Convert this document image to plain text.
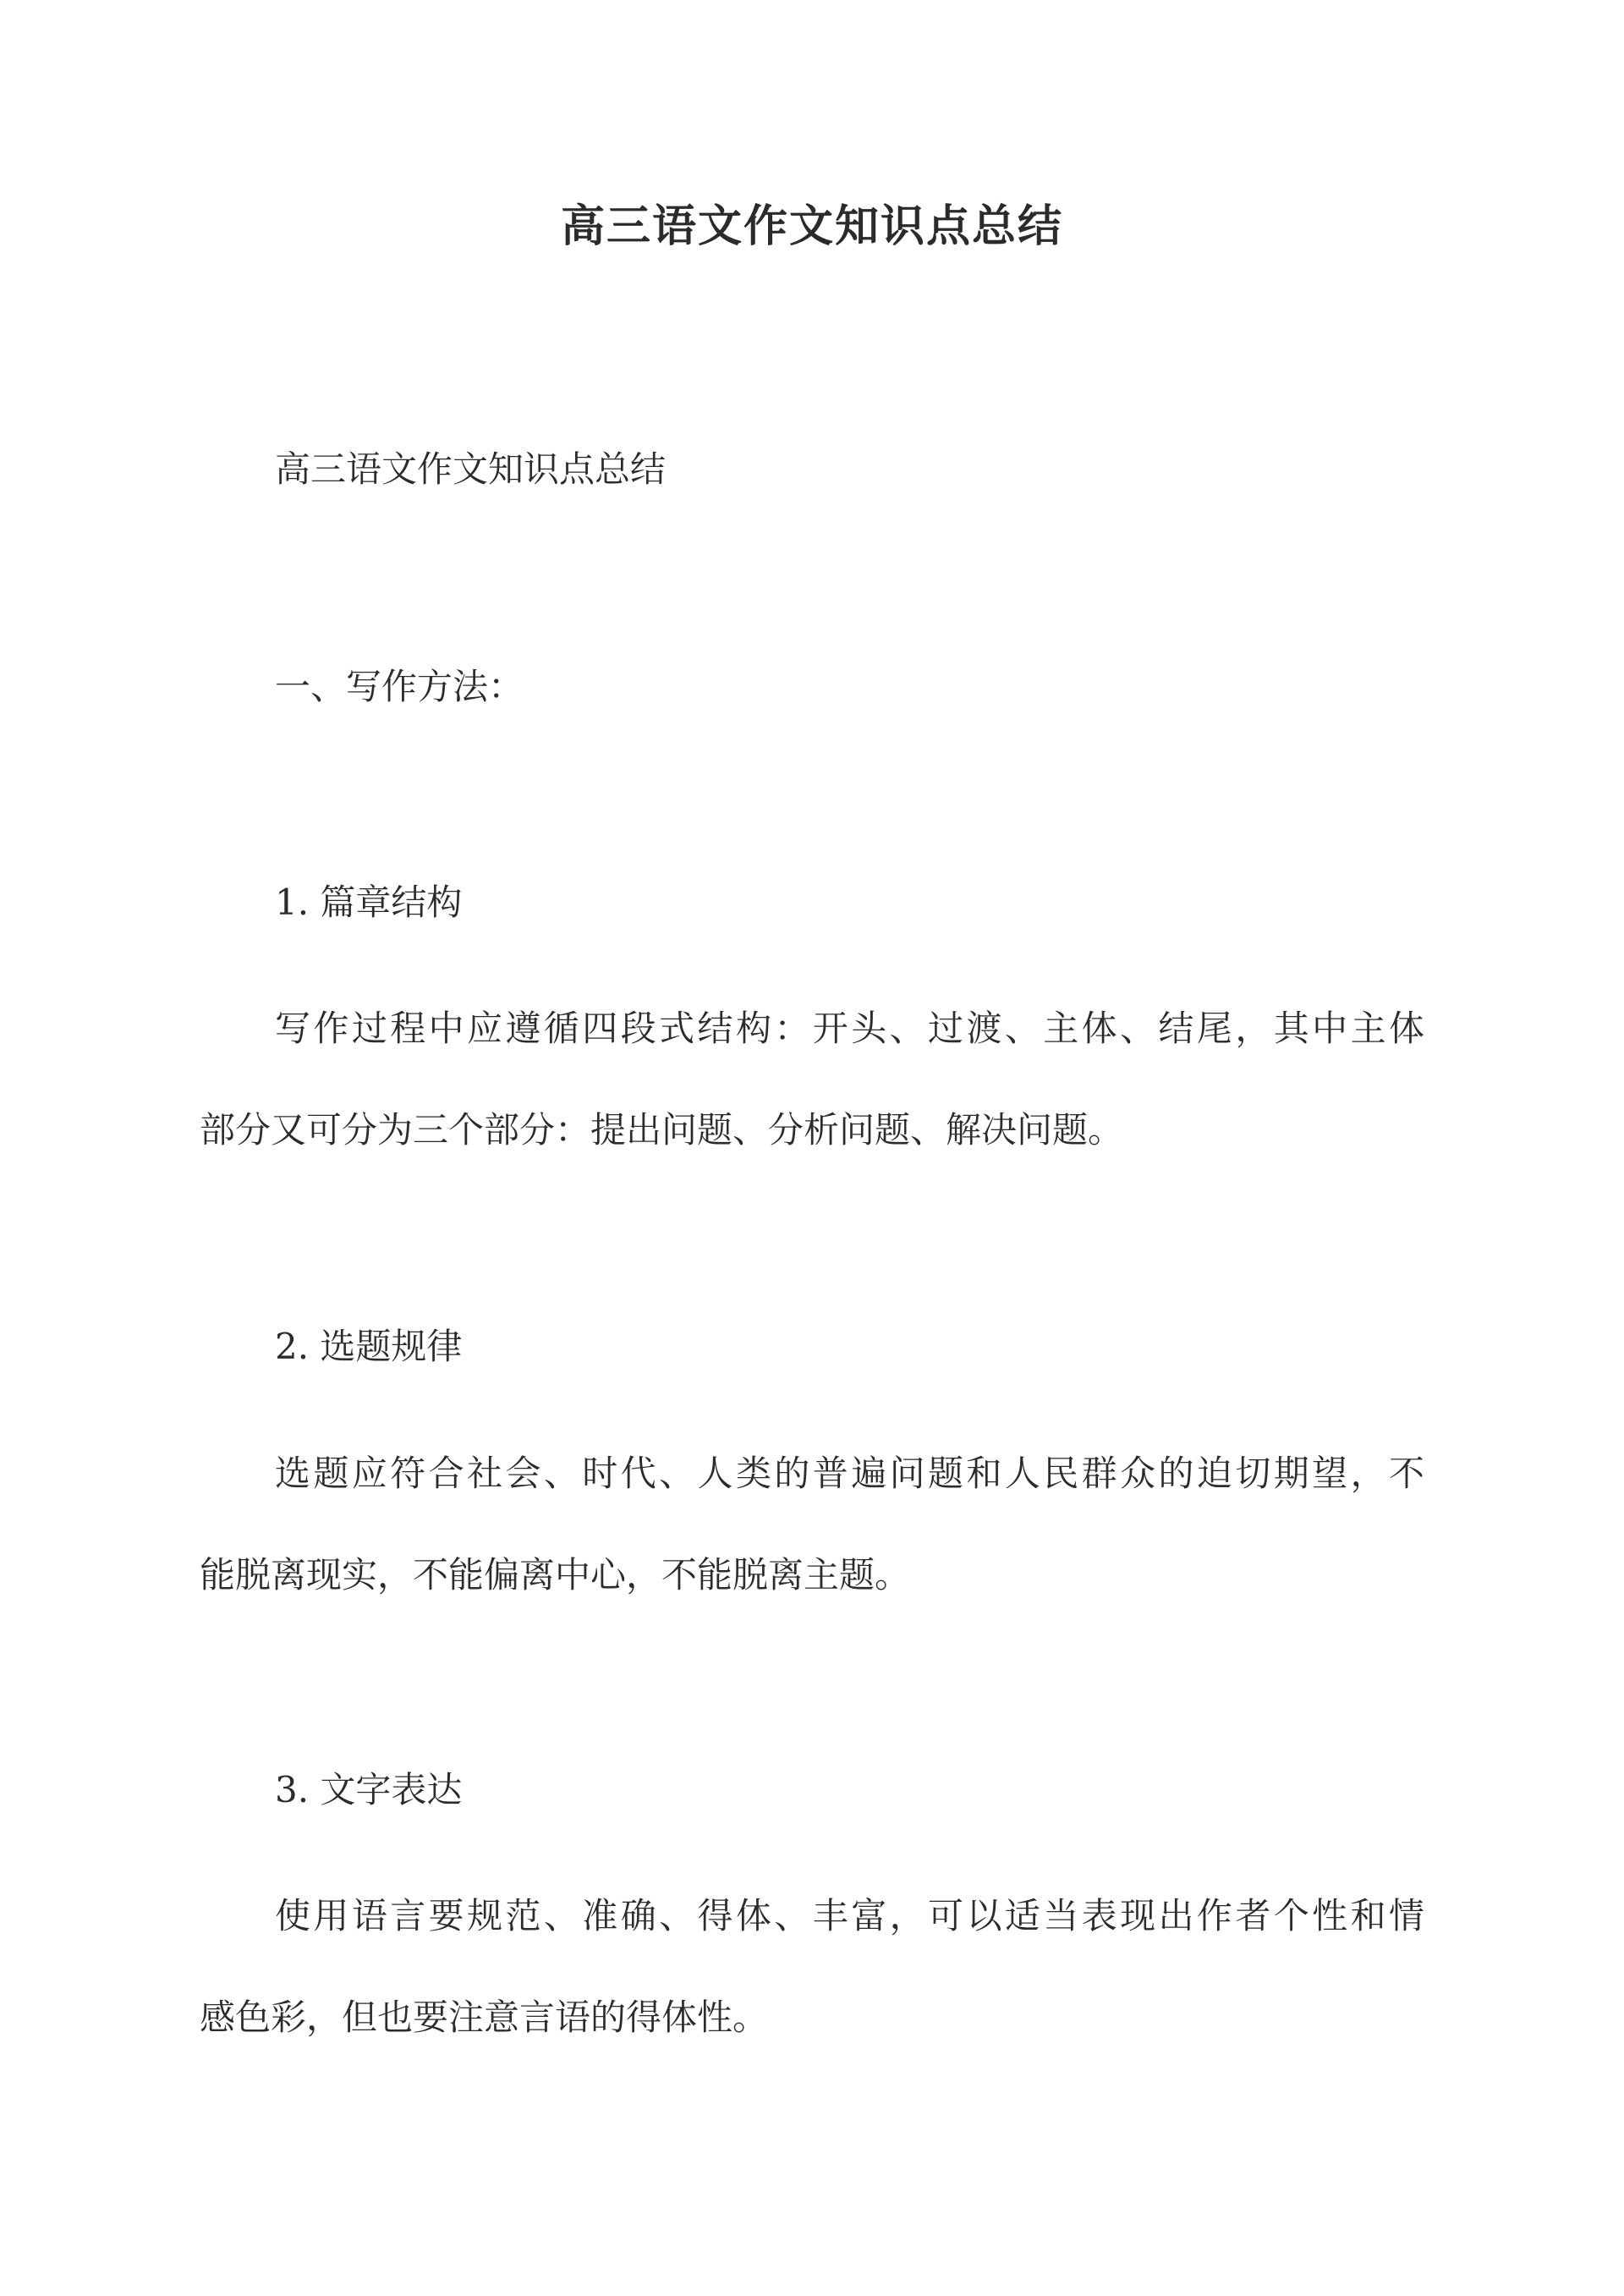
高三语文作文知识点总结
高三语文作文知识点总结
一、写作方法：
1. 篇章结构
写作过程中应遵循四段式结构：开头、过渡、主体、结尾，其中主体
部分又可分为三个部分：提出问题、分析问题、解决问题。
2. 选题规律
选题应符合社会、时代、人类的普遍问题和人民群众的迫切期望，不
能脱离现实，不能偏离中心，不能脱离主题。
3. 文字表达
使用语言要规范、准确、得体、丰富，可以适当表现出作者个性和情
感色彩，但也要注意言语的得体性。
